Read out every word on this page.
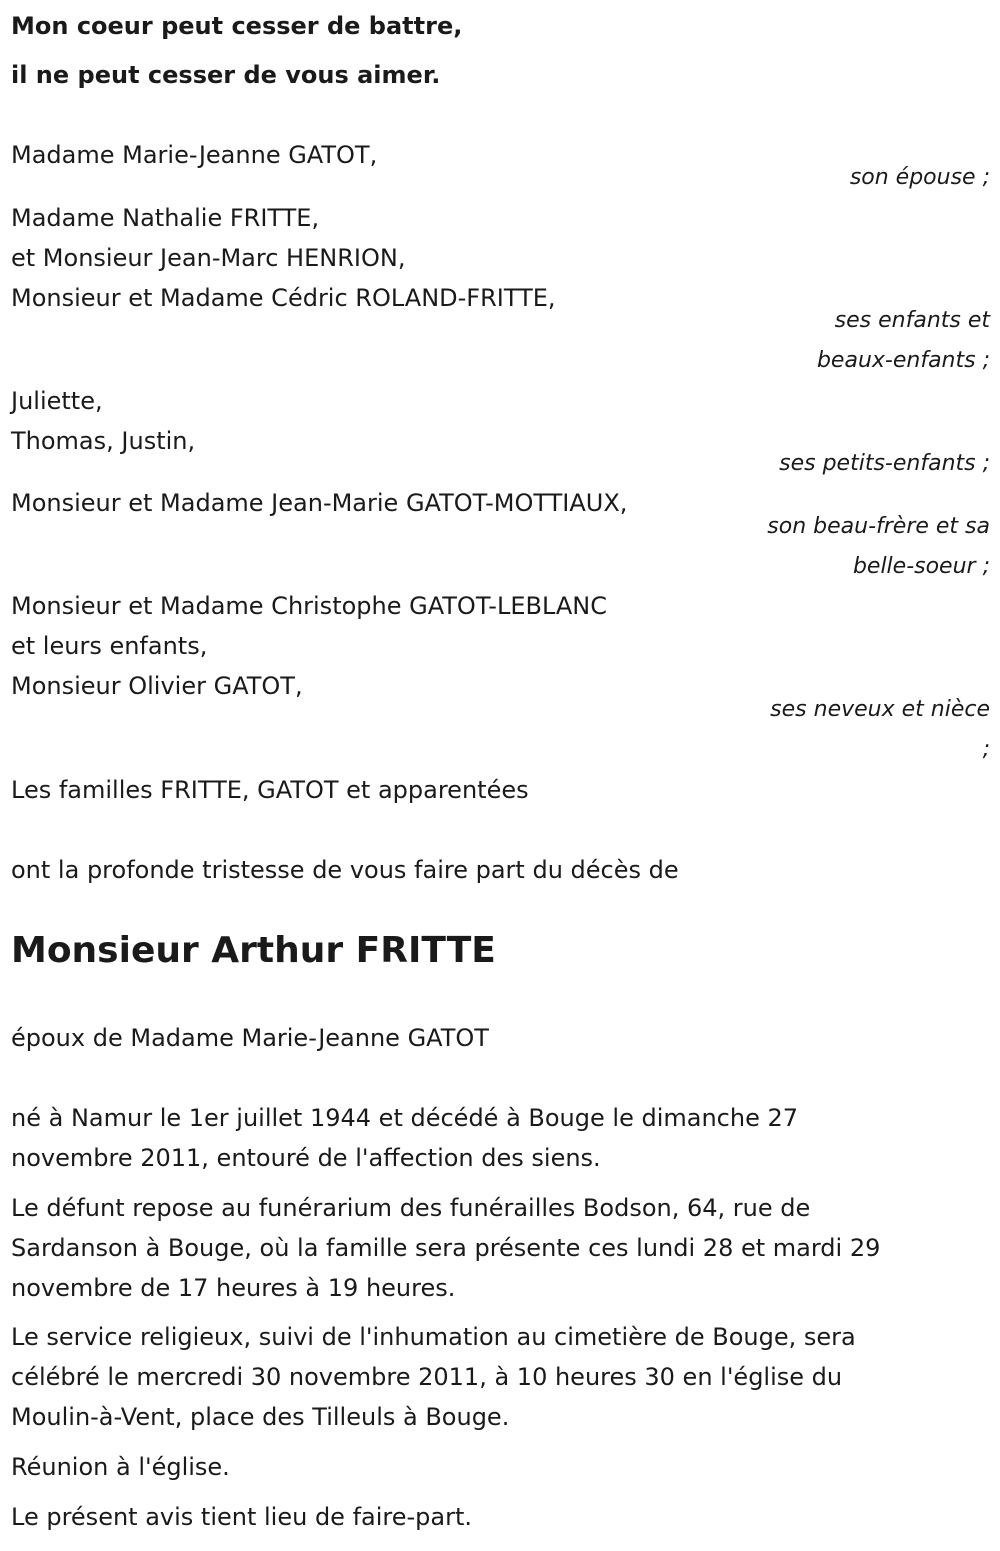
Mon coeur peut cesser de battre,

il ne peut cesser de vous aimer.

Madame Marie-Jeanne GATOT,

son épouse ;

Madame Nathalie FRITTE,

et Monsieur Jean-Marc HENRION,

Monsieur et Madame Cédric ROLAND-FRITTE,

ses enfants et

beaux-enfants ;

Juliette,

Thomas, Justin,

ses petits-enfants ;

Monsieur et Madame Jean-Marie GATOT-MOTTIAUX,

son beau-frère et sa

belle-soeur ;

Monsieur et Madame Christophe GATOT-LEBLANC

et leurs enfants,

Monsieur Olivier GATOT,

ses neveux et nièce

;

Les familles FRITTE, GATOT et apparentées

ont la profonde tristesse de vous faire part du décès de

Monsieur Arthur FRITTE

époux de Madame Marie-Jeanne GATOT

né à Namur le 1er juillet 1944 et décédé à Bouge le dimanche 27

novembre 2011, entouré de l'affection des siens.

Le défunt repose au funérarium des funérailles Bodson, 64, rue de

Sardanson à Bouge, où la famille sera présente ces lundi 28 et mardi 29

novembre de 17 heures à 19 heures.

Le service religieux, suivi de l'inhumation au cimetière de Bouge, sera

célébré le mercredi 30 novembre 2011, à 10 heures 30 en l'église du

Moulin-à-Vent, place des Tilleuls à Bouge.

Réunion à l'église.

Le présent avis tient lieu de faire-part.
